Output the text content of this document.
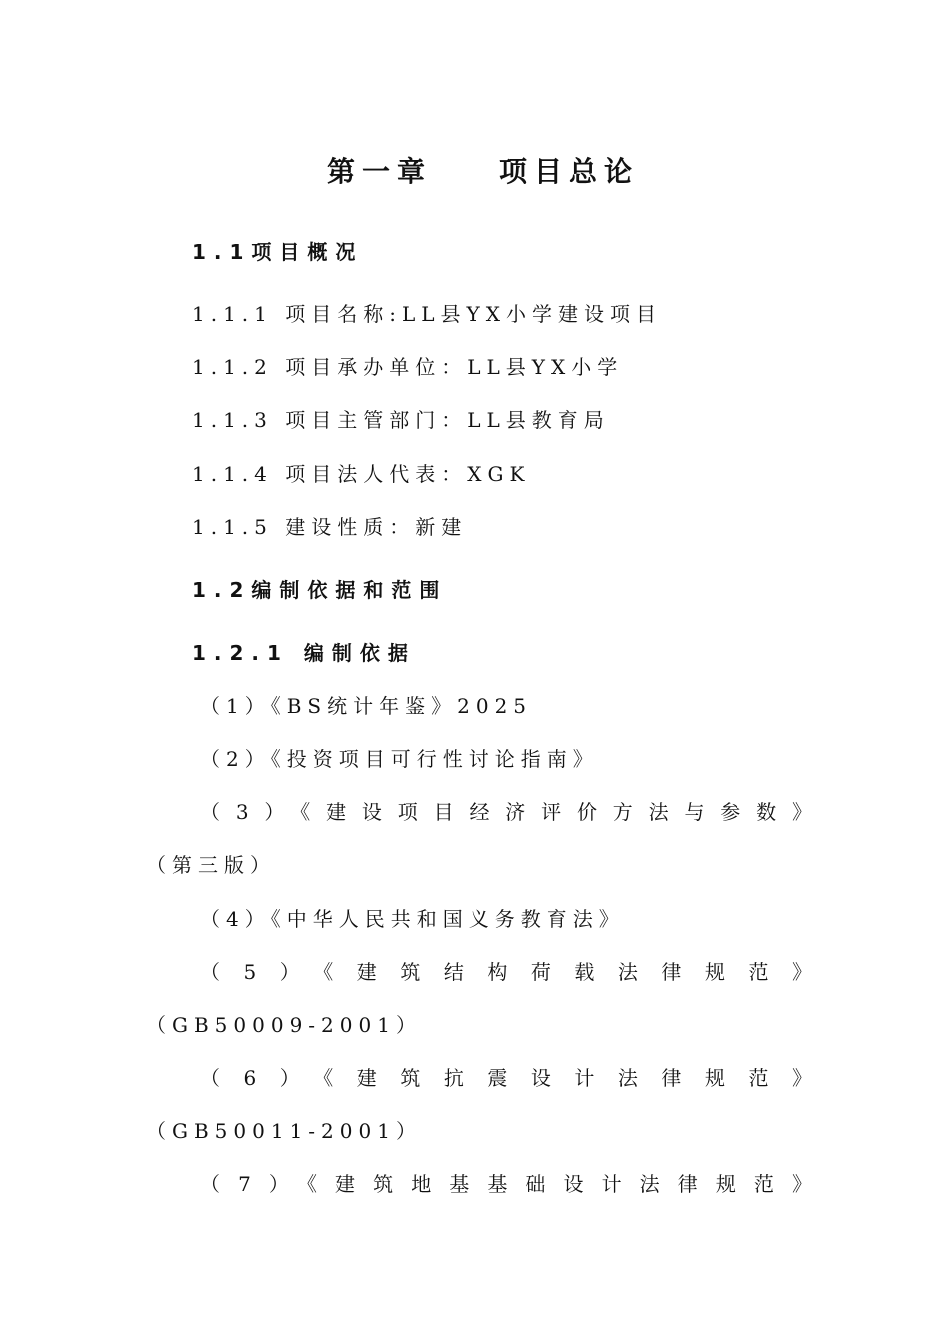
第一章    项目总论
1.1项目概况
1.1.1 项目名称:LL县YX小学建设项目
1.1.2 项目承办单位：LL县YX小学
1.1.3 项目主管部门：LL县教育局
1.1.4 项目法人代表：XGK
1.1.5 建设性质：新建
1.2编制依据和范围
1.2.1 编制依据
（1）《BS统计年鉴》2025
（2）《投资项目可行性讨论指南》
（3）《建设项目经济评价方法与参数》
（第三版）
（4）《中华人民共和国义务教育法》
（5）《建筑结构荷载法律规范》
（GB50009-2001）
（6）《建筑抗震设计法律规范》
（GB50011-2001）
（7）《建筑地基基础设计法律规范》
